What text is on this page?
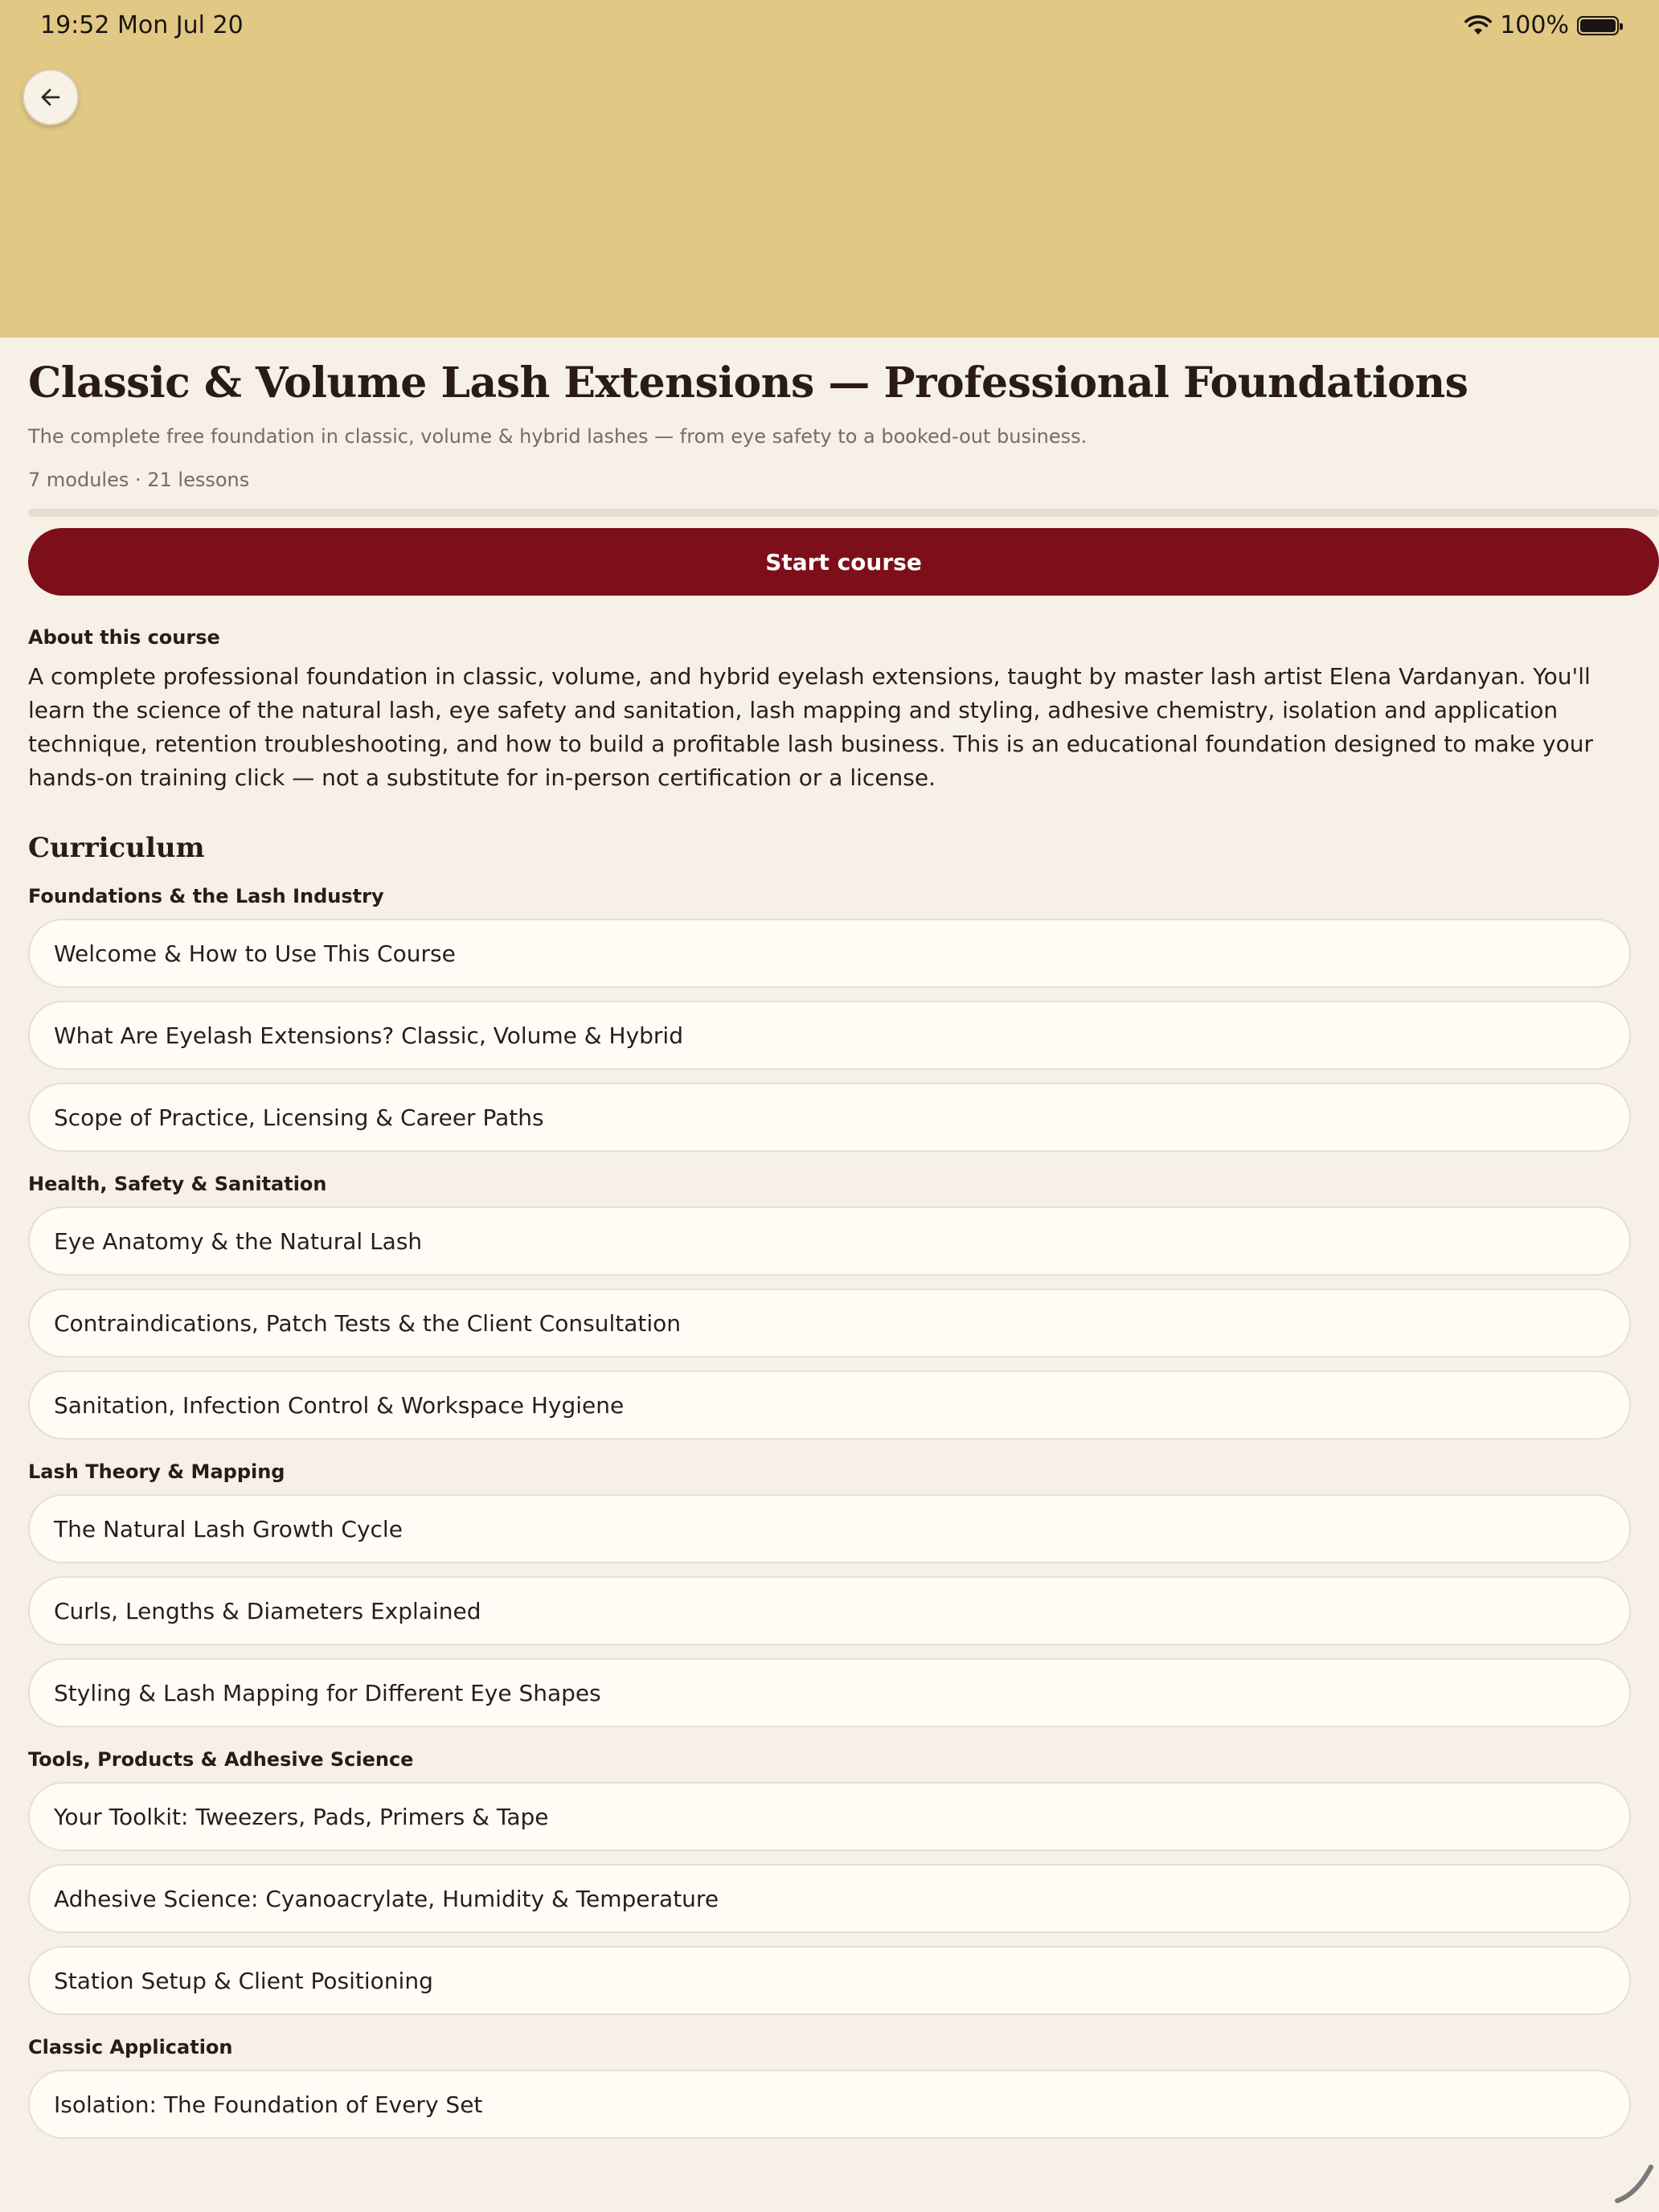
19:52 Mon Jul 20	100%
Classic & Volume Lash Extensions — Professional Foundations

The complete free foundation in classic, volume & hybrid lashes — from eye safety to a booked-out business.

7 modules · 21 lessons

Start course
About this course

A complete professional foundation in classic, volume, and hybrid eyelash extensions, taught by master lash artist Elena Vardanyan. You'll learn the science of the natural lash, eye safety and sanitation, lash mapping and styling, adhesive chemistry, isolation and application technique, retention troubleshooting, and how to build a profitable lash business. This is an educational foundation designed to make your hands-on training click — not a substitute for in-person certification or a license.

Curriculum
Foundations & the Lash Industry
Welcome & How to Use This Course
What Are Eyelash Extensions? Classic, Volume & Hybrid
Scope of Practice, Licensing & Career Paths
Health, Safety & Sanitation
Eye Anatomy & the Natural Lash
Contraindications, Patch Tests & the Client Consultation
Sanitation, Infection Control & Workspace Hygiene
Lash Theory & Mapping
The Natural Lash Growth Cycle
Curls, Lengths & Diameters Explained
Styling & Lash Mapping for Different Eye Shapes
Tools, Products & Adhesive Science
Your Toolkit: Tweezers, Pads, Primers & Tape
Adhesive Science: Cyanoacrylate, Humidity & Temperature
Station Setup & Client Positioning
Classic Application
Isolation: The Foundation of Every Set
